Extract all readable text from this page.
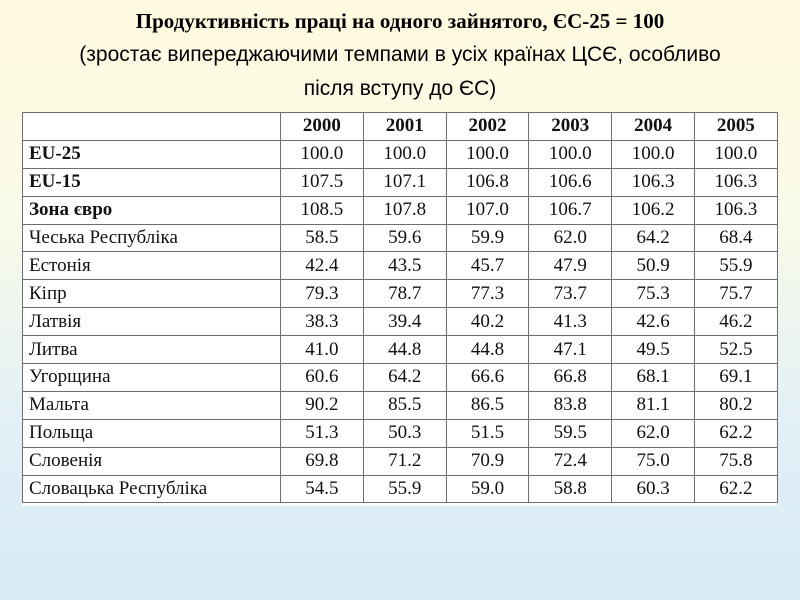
Продуктивність праці на одного зайнятого, ЄС-25 = 100
(зростає випереджаючими темпами в усіх країнах ЦСЄ, особливо
після вступу до ЄС)
	2000	2001	2002	2003	2004	2005
EU-25	100.0	100.0	100.0	100.0	100.0	100.0
EU-15	107.5	107.1	106.8	106.6	106.3	106.3
Зона євро	108.5	107.8	107.0	106.7	106.2	106.3
Чеська Республіка	58.5	59.6	59.9	62.0	64.2	68.4
Естонія	42.4	43.5	45.7	47.9	50.9	55.9
Кіпр	79.3	78.7	77.3	73.7	75.3	75.7
Латвія	38.3	39.4	40.2	41.3	42.6	46.2
Литва	41.0	44.8	44.8	47.1	49.5	52.5
Угорщина	60.6	64.2	66.6	66.8	68.1	69.1
Мальта	90.2	85.5	86.5	83.8	81.1	80.2
Польща	51.3	50.3	51.5	59.5	62.0	62.2
Словенія	69.8	71.2	70.9	72.4	75.0	75.8
Словацька Республіка	54.5	55.9	59.0	58.8	60.3	62.2
